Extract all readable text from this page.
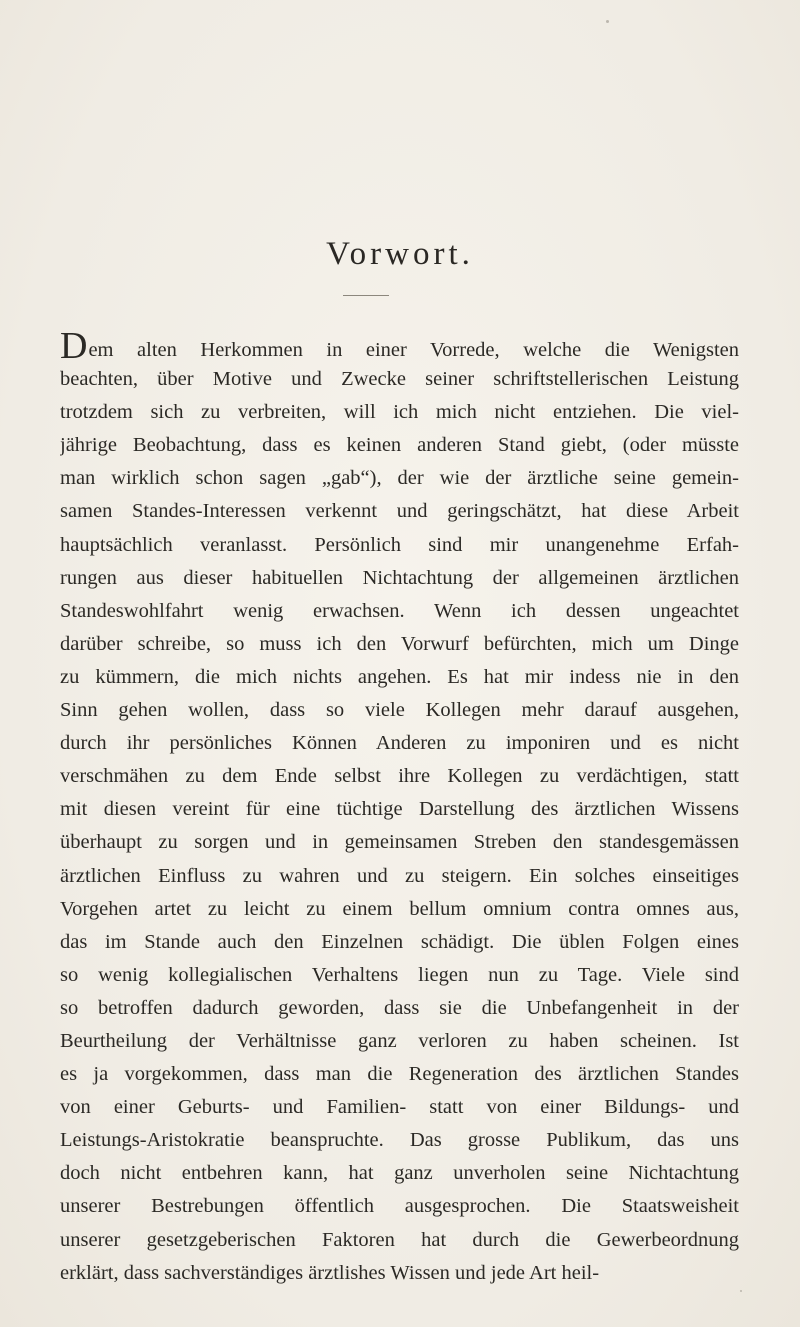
Vorwort.
Dem alten Herkommen in einer Vorrede, welche die Wenigsten
beachten, über Motive und Zwecke seiner schriftstellerischen Leistung
trotzdem sich zu verbreiten, will ich mich nicht entziehen. Die viel-
jährige Beobachtung, dass es keinen anderen Stand giebt, (oder müsste
man wirklich schon sagen „gab“), der wie der ärztliche seine gemein-
samen Standes-Interessen verkennt und geringschätzt, hat diese Arbeit
hauptsächlich veranlasst. Persönlich sind mir unangenehme Erfah-
rungen aus dieser habituellen Nichtachtung der allgemeinen ärztlichen
Standeswohlfahrt wenig erwachsen. Wenn ich dessen ungeachtet
darüber schreibe, so muss ich den Vorwurf befürchten, mich um Dinge
zu kümmern, die mich nichts angehen. Es hat mir indess nie in den
Sinn gehen wollen, dass so viele Kollegen mehr darauf ausgehen,
durch ihr persönliches Können Anderen zu imponiren und es nicht
verschmähen zu dem Ende selbst ihre Kollegen zu verdächtigen, statt
mit diesen vereint für eine tüchtige Darstellung des ärztlichen Wissens
überhaupt zu sorgen und in gemeinsamen Streben den standesgemässen
ärztlichen Einfluss zu wahren und zu steigern. Ein solches einseitiges
Vorgehen artet zu leicht zu einem bellum omnium contra omnes aus,
das im Stande auch den Einzelnen schädigt. Die üblen Folgen eines
so wenig kollegialischen Verhaltens liegen nun zu Tage. Viele sind
so betroffen dadurch geworden, dass sie die Unbefangenheit in der
Beurtheilung der Verhältnisse ganz verloren zu haben scheinen. Ist
es ja vorgekommen, dass man die Regeneration des ärztlichen Standes
von einer Geburts- und Familien- statt von einer Bildungs- und
Leistungs-Aristokratie beanspruchte. Das grosse Publikum, das uns
doch nicht entbehren kann, hat ganz unverholen seine Nichtachtung
unserer Bestrebungen öffentlich ausgesprochen. Die Staatsweisheit
unserer gesetzgeberischen Faktoren hat durch die Gewerbeordnung
erklärt, dass sachverständiges ärztlishes Wissen und jede Art heil-
